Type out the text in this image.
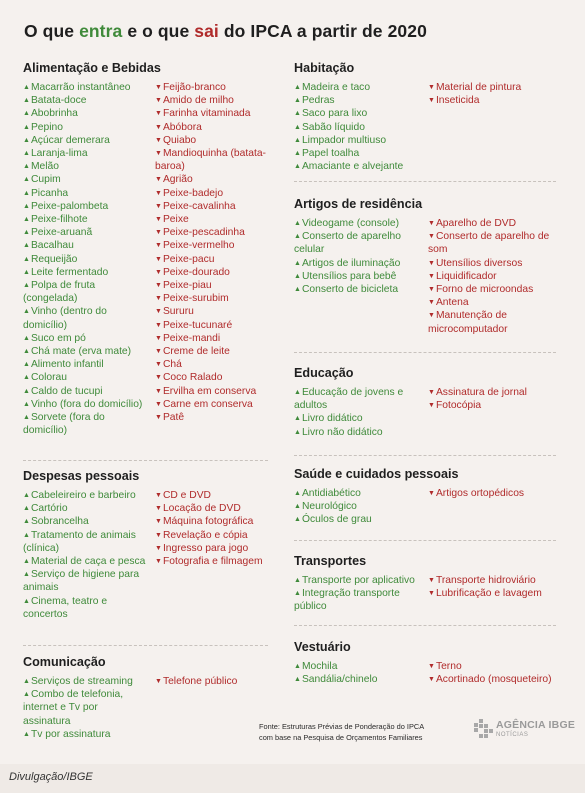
O que entra e o que sai do IPCA a partir de 2020
Alimentação e Bebidas
▲Macarrão instantâneo
▲Batata-doce
▲Abobrinha
▲Pepino
▲Açúcar demerara
▲Laranja-lima
▲Melão
▲Cupim
▲Picanha
▲Peixe-palombeta
▲Peixe-filhote
▲Peixe-aruanã
▲Bacalhau
▲Requeijão
▲Leite fermentado
▲Polpa de fruta (congelada)
▲Vinho (dentro do domicílio)
▲Suco em pó
▲Chá mate (erva mate)
▲Alimento infantil
▲Colorau
▲Caldo de tucupi
▲Vinho (fora do domicílio)
▲Sorvete (fora do domicílio)
▼Feijão-branco
▼Amido de milho
▼Farinha vitaminada
▼Abóbora
▼Quiabo
▼Mandioquinha (batata-baroa)
▼Agrião
▼Peixe-badejo
▼Peixe-cavalinha
▼Peixe
▼Peixe-pescadinha
▼Peixe-vermelho
▼Peixe-pacu
▼Peixe-dourado
▼Peixe-piau
▼Peixe-surubim
▼Sururu
▼Peixe-tucunaré
▼Peixe-mandi
▼Creme de leite
▼Chá
▼Coco Ralado
▼Ervilha em conserva
▼Carne em conserva
▼Patê
Despesas pessoais
▲Cabeleireiro e barbeiro
▲Cartório
▲Sobrancelha
▲Tratamento de animais (clínica)
▲Material de caça e pesca
▲Serviço de higiene para animais
▲Cinema, teatro e concertos
▼CD e DVD
▼Locação de DVD
▼Máquina fotográfica
▼Revelação e cópia
▼Ingresso para jogo
▼Fotografia e filmagem
Comunicação
▲Serviços de streaming
▲Combo de telefonia, internet e Tv por assinatura
▲Tv por assinatura
▼Telefone público
Habitação
▲Madeira e taco
▲Pedras
▲Saco para lixo
▲Sabão líquido
▲Limpador multiuso
▲Papel toalha
▲Amaciante e alvejante
▼Material de pintura
▼Inseticida
Artigos de residência
▲Videogame (console)
▲Conserto de aparelho celular
▲Artigos de iluminação
▲Utensílios para bebê
▲Conserto de bicicleta
▼Aparelho de DVD
▼Conserto de aparelho de som
▼Utensílios diversos
▼Liquidificador
▼Forno de microondas
▼Antena
▼Manutenção de microcomputador
Educação
▲Educação de jovens e adultos
▲Livro didático
▲Livro não didático
▼Assinatura de jornal
▼Fotocópia
Saúde e cuidados pessoais
▲Antidiabético
▲Neurológico
▲Óculos de grau
▼Artigos ortopédicos
Transportes
▲Transporte por aplicativo
▲Integração transporte público
▼Transporte hidroviário
▼Lubrificação e lavagem
Vestuário
▲Mochila
▲Sandália/chinelo
▼Terno
▼Acortinado (mosqueteiro)
Fonte: Estruturas Prévias de Ponderação do IPCA
com base na Pesquisa de Orçamentos Familiares
AGÊNCIA IBGE
NOTÍCIAS
Divulgação/IBGE
